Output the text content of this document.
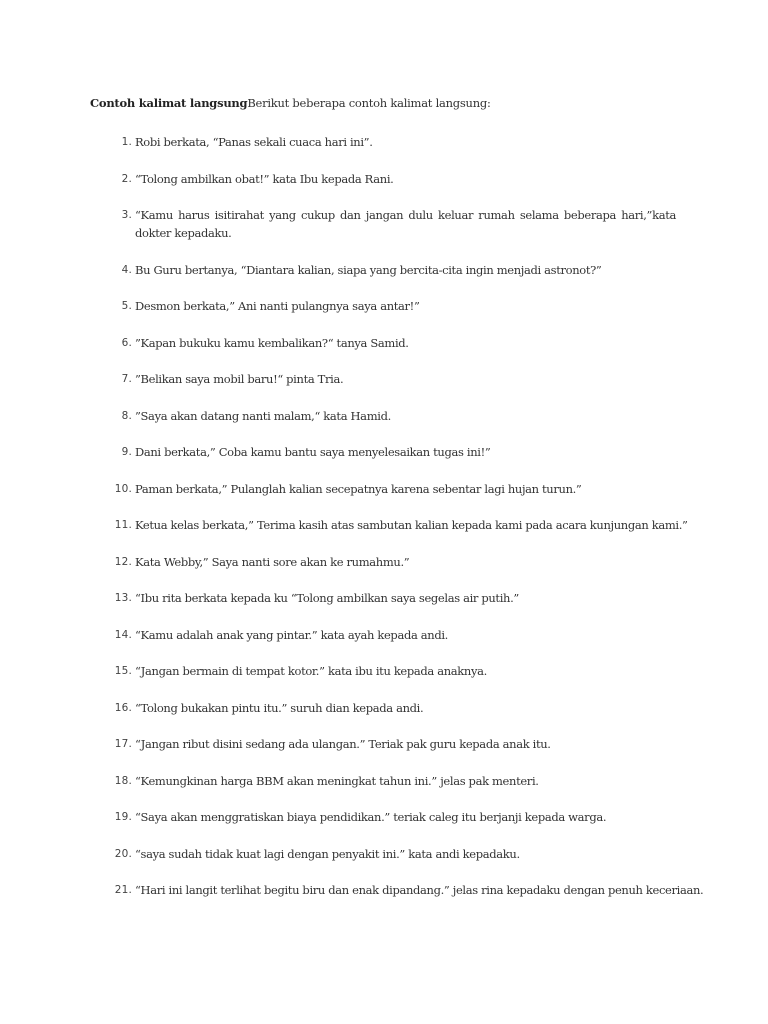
Contoh kalimat langsungBerikut beberapa contoh kalimat langsung:
1. Robi berkata, “Panas sekali cuaca hari ini”.
2. “Tolong ambilkan obat!” kata Ibu kepada Rani.
3. “Kamu harus isitirahat yang cukup dan jangan dulu keluar rumah selama beberapa hari,”kata dokter kepadaku.
4. Bu Guru bertanya, “Diantara kalian, siapa yang bercita-cita ingin menjadi astronot?”
5. Desmon berkata,” Ani nanti pulangnya saya antar!”
6. ”Kapan bukuku kamu kembalikan?“ tanya Samid.
7. ”Belikan saya mobil baru!“ pinta Tria.
8. ”Saya akan datang nanti malam,“ kata Hamid.
9. Dani berkata,” Coba kamu bantu saya menyelesaikan tugas ini!”
10. Paman berkata,” Pulanglah kalian secepatnya karena sebentar lagi hujan turun.”
11. Ketua kelas berkata,” Terima kasih atas sambutan kalian kepada kami pada acara kunjungan kami.”
12. Kata Webby,” Saya nanti sore akan ke rumahmu.”
13. “Ibu rita berkata kepada ku “Tolong ambilkan saya segelas air putih.”
14. “Kamu adalah anak yang pintar.” kata ayah kepada andi.
15. “Jangan bermain di tempat kotor.” kata ibu itu kepada anaknya.
16. “Tolong bukakan pintu itu.” suruh dian kepada andi.
17. “Jangan ribut disini sedang ada ulangan.” Teriak pak guru kepada anak itu.
18. “Kemungkinan harga BBM akan meningkat tahun ini.” jelas pak menteri.
19. “Saya akan menggratiskan biaya pendidikan.” teriak caleg itu berjanji kepada warga.
20. “saya sudah tidak kuat lagi dengan penyakit ini.” kata andi kepadaku.
21. “Hari ini langit terlihat begitu biru dan enak dipandang.” jelas rina kepadaku dengan penuh keceriaan.
